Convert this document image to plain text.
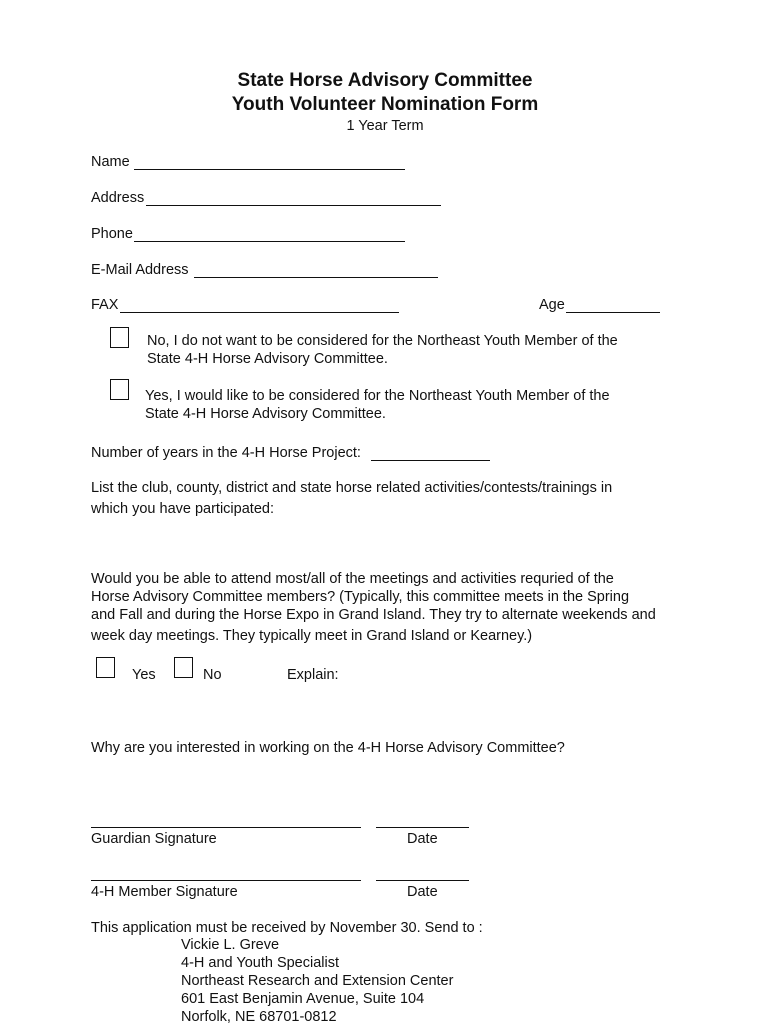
State Horse Advisory Committee
Youth Volunteer Nomination Form
1 Year Term
Name
Address
Phone
E-Mail Address
FAX	Age
No, I do not want to be considered for the Northeast Youth Member of the
State 4-H Horse Advisory Committee.
Yes, I would like to be considered for the Northeast Youth Member of the
State 4-H Horse Advisory Committee.
Number of years in the 4-H Horse Project:
List the club, county, district and state horse related activities/contests/trainings in
which you have participated:
Would you be able to attend most/all of the meetings and activities requried of the
Horse Advisory Committee members? (Typically, this committee meets in the Spring
and Fall and during the Horse Expo in Grand Island. They try to alternate weekends and
week day meetings. They typically meet in Grand Island or Kearney.)
Yes	No	Explain:
Why are you interested in working on the 4-H Horse Advisory Committee?
Guardian Signature	Date
4-H Member Signature	Date
This application must be received by November 30. Send to :
Vickie L. Greve
4-H and Youth Specialist
Northeast Research and Extension Center
601 East Benjamin Avenue, Suite 104
Norfolk, NE 68701-0812
